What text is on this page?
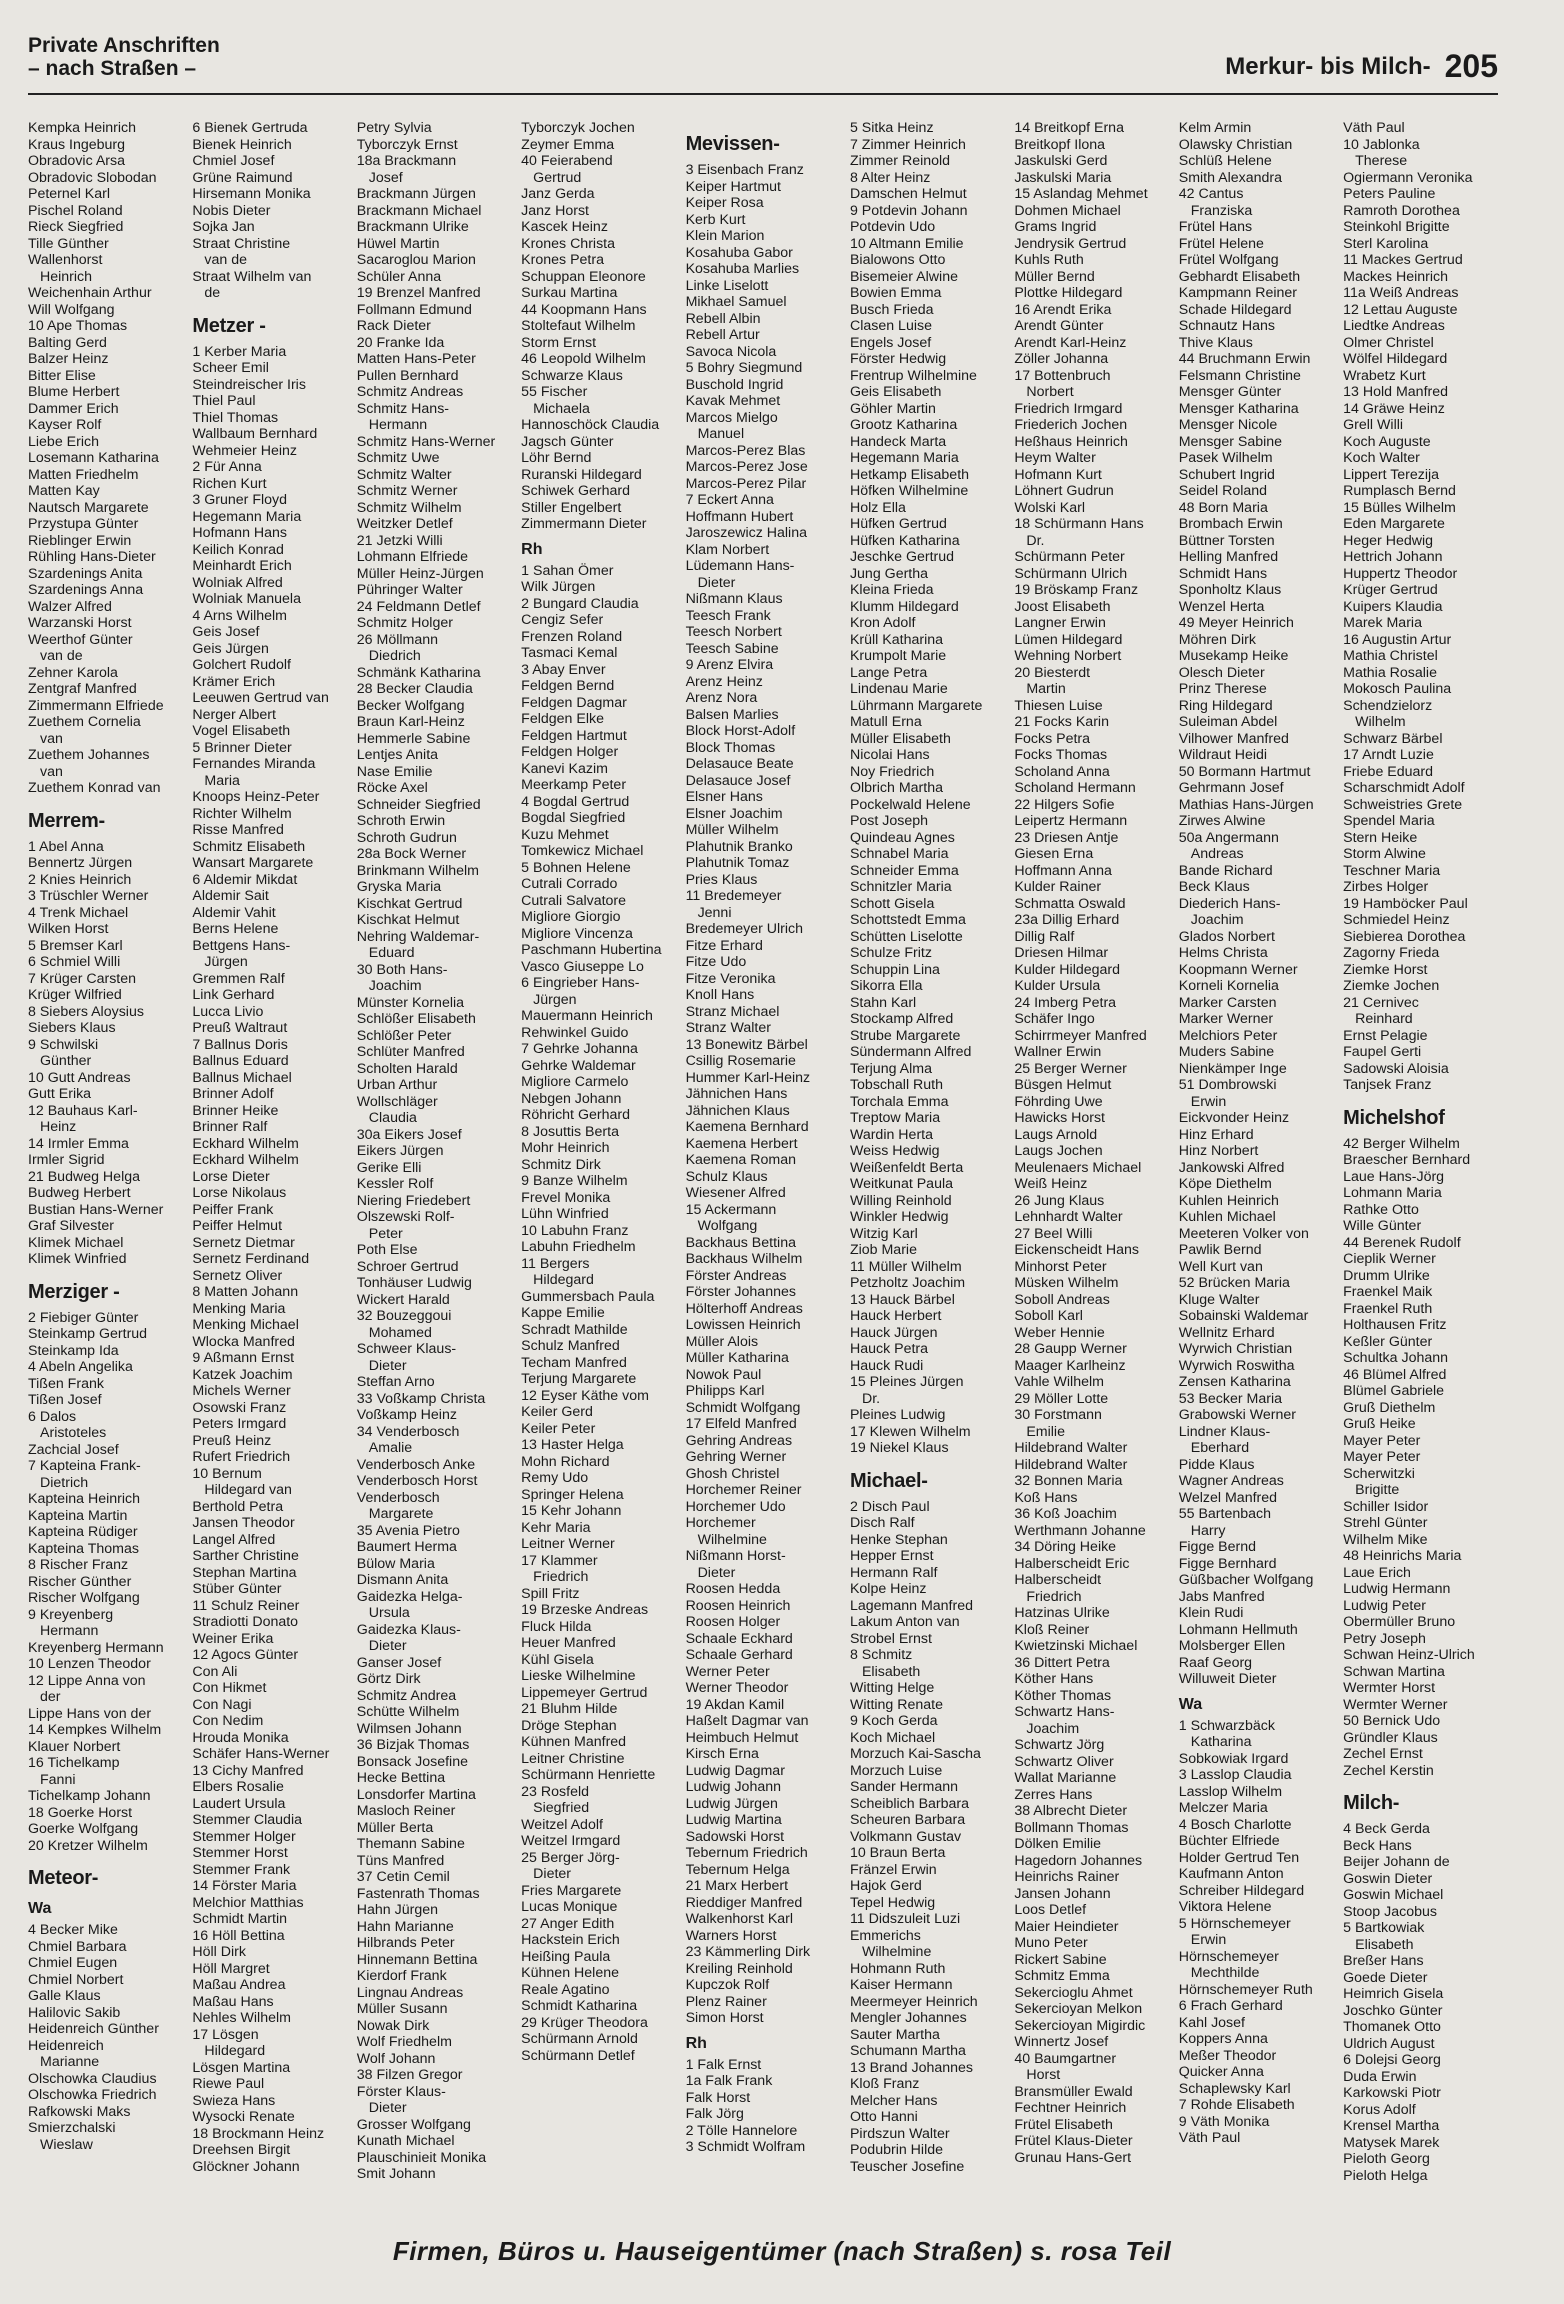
Private Anschriften
– nach Straßen –	Merkur- bis Milch- 205
Kempka Heinrich
Kraus Ingeburg
Obradovic Arsa
Obradovic Slobodan
Peternel Karl
Pischel Roland
Rieck Siegfried
Tille Günther
Wallenhorst
Heinrich
Weichenhain Arthur
Will Wolfgang
10 Ape Thomas
Balting Gerd
Balzer Heinz
Bitter Elise
Blume Herbert
Dammer Erich
Kayser Rolf
Liebe Erich
Losemann Katharina
Matten Friedhelm
Matten Kay
Nautsch Margarete
Przystupa Günter
Rieblinger Erwin
Rühling Hans-Dieter
Szardenings Anita
Szardenings Anna
Walzer Alfred
Warzanski Horst
Weerthof Günter
van de
Zehner Karola
Zentgraf Manfred
Zimmermann Elfriede
Zuethem Cornelia
van
Zuethem Johannes
van
Zuethem Konrad van
Merrem-
1 Abel Anna
Bennertz Jürgen
2 Knies Heinrich
3 Trüschler Werner
4 Trenk Michael
Wilken Horst
5 Bremser Karl
6 Schmiel Willi
7 Krüger Carsten
Krüger Wilfried
8 Siebers Aloysius
Siebers Klaus
9 Schwilski
Günther
10 Gutt Andreas
Gutt Erika
12 Bauhaus Karl-
Heinz
14 Irmler Emma
Irmler Sigrid
21 Budweg Helga
Budweg Herbert
Bustian Hans-Werner
Graf Silvester
Klimek Michael
Klimek Winfried
Merziger -
2 Fiebiger Günter
Steinkamp Gertrud
Steinkamp Ida
4 Abeln Angelika
Tißen Frank
Tißen Josef
6 Dalos
Aristoteles
Zachcial Josef
7 Kapteina Frank-
Dietrich
Kapteina Heinrich
Kapteina Martin
Kapteina Rüdiger
Kapteina Thomas
8 Rischer Franz
Rischer Günther
Rischer Wolfgang
9 Kreyenberg
Hermann
Kreyenberg Hermann
10 Lenzen Theodor
12 Lippe Anna von
der
Lippe Hans von der
14 Kempkes Wilhelm
Klauer Norbert
16 Tichelkamp
Fanni
Tichelkamp Johann
18 Goerke Horst
Goerke Wolfgang
20 Kretzer Wilhelm
Meteor-
Wa
4 Becker Mike
Chmiel Barbara
Chmiel Eugen
Chmiel Norbert
Galle Klaus
Halilovic Sakib
Heidenreich Günther
Heidenreich
Marianne
Olschowka Claudius
Olschowka Friedrich
Rafkowski Maks
Smierzchalski
Wieslaw
6 Bienek Gertruda
Bienek Heinrich
Chmiel Josef
Grüne Raimund
Hirsemann Monika
Nobis Dieter
Sojka Jan
Straat Christine
van de
Straat Wilhelm van
de
Metzer -
1 Kerber Maria
Scheer Emil
Steindreischer Iris
Thiel Paul
Thiel Thomas
Wallbaum Bernhard
Wehmeier Heinz
2 Für Anna
Richen Kurt
3 Gruner Floyd
Hegemann Maria
Hofmann Hans
Keilich Konrad
Meinhardt Erich
Wolniak Alfred
Wolniak Manuela
4 Arns Wilhelm
Geis Josef
Geis Jürgen
Golchert Rudolf
Krämer Erich
Leeuwen Gertrud van
Nerger Albert
Vogel Elisabeth
5 Brinner Dieter
Fernandes Miranda
Maria
Knoops Heinz-Peter
Richter Wilhelm
Risse Manfred
Schmitz Elisabeth
Wansart Margarete
6 Aldemir Mikdat
Aldemir Sait
Aldemir Vahit
Berns Helene
Bettgens Hans-
Jürgen
Gremmen Ralf
Link Gerhard
Lucca Livio
Preuß Waltraut
7 Ballnus Doris
Ballnus Eduard
Ballnus Michael
Brinner Adolf
Brinner Heike
Brinner Ralf
Eckhard Wilhelm
Eckhard Wilhelm
Lorse Dieter
Lorse Nikolaus
Peiffer Frank
Peiffer Helmut
Sernetz Dietmar
Sernetz Ferdinand
Sernetz Oliver
8 Matten Johann
Menking Maria
Menking Michael
Wlocka Manfred
9 Aßmann Ernst
Katzek Joachim
Michels Werner
Osowski Franz
Peters Irmgard
Preuß Heinz
Rufert Friedrich
10 Bernum
Hildegard van
Berthold Petra
Jansen Theodor
Langel Alfred
Sarther Christine
Stephan Martina
Stüber Günter
11 Schulz Reiner
Stradiotti Donato
Weiner Erika
12 Agocs Günter
Con Ali
Con Hikmet
Con Nagi
Con Nedim
Hrouda Monika
Schäfer Hans-Werner
13 Cichy Manfred
Elbers Rosalie
Laudert Ursula
Stemmer Claudia
Stemmer Holger
Stemmer Horst
Stemmer Frank
14 Förster Maria
Melchior Matthias
Schmidt Martin
16 Höll Bettina
Höll Dirk
Höll Margret
Maßau Andrea
Maßau Hans
Nehles Wilhelm
17 Lösgen
Hildegard
Lösgen Martina
Riewe Paul
Swieza Hans
Wysocki Renate
18 Brockmann Heinz
Dreehsen Birgit
Glöckner Johann
Petry Sylvia
Tyborczyk Ernst
18a Brackmann
Josef
Brackmann Jürgen
Brackmann Michael
Brackmann Ulrike
Hüwel Martin
Sacaroglou Marion
Schüler Anna
19 Brenzel Manfred
Follmann Edmund
Rack Dieter
20 Franke Ida
Matten Hans-Peter
Pullen Bernhard
Schmitz Andreas
Schmitz Hans-
Hermann
Schmitz Hans-Werner
Schmitz Uwe
Schmitz Walter
Schmitz Werner
Schmitz Wilhelm
Weitzker Detlef
21 Jetzki Willi
Lohmann Elfriede
Müller Heinz-Jürgen
Pühringer Walter
24 Feldmann Detlef
Schmitz Holger
26 Möllmann
Diedrich
Schmänk Katharina
28 Becker Claudia
Becker Wolfgang
Braun Karl-Heinz
Hemmerle Sabine
Lentjes Anita
Nase Emilie
Röcke Axel
Schneider Siegfried
Schroth Erwin
Schroth Gudrun
28a Bock Werner
Brinkmann Wilhelm
Gryska Maria
Kischkat Gertrud
Kischkat Helmut
Nehring Waldemar-
Eduard
30 Both Hans-
Joachim
Münster Kornelia
Schlößer Elisabeth
Schlößer Peter
Schlüter Manfred
Scholten Harald
Urban Arthur
Wollschläger
Claudia
30a Eikers Josef
Eikers Jürgen
Gerike Elli
Kessler Rolf
Niering Friedebert
Olszewski Rolf-
Peter
Poth Else
Schroer Gertrud
Tonhäuser Ludwig
Wickert Harald
32 Bouzeggoui
Mohamed
Schweer Klaus-
Dieter
Steffan Arno
33 Voßkamp Christa
Voßkamp Heinz
34 Venderbosch
Amalie
Venderbosch Anke
Venderbosch Horst
Venderbosch
Margarete
35 Avenia Pietro
Baumert Herma
Bülow Maria
Dismann Anita
Gaidezka Helga-
Ursula
Gaidezka Klaus-
Dieter
Ganser Josef
Görtz Dirk
Schmitz Andrea
Schütte Wilhelm
Wilmsen Johann
36 Bizjak Thomas
Bonsack Josefine
Hecke Bettina
Lonsdorfer Martina
Masloch Reiner
Müller Berta
Themann Sabine
Tüns Manfred
37 Cetin Cemil
Fastenrath Thomas
Hahn Jürgen
Hahn Marianne
Hilbrands Peter
Hinnemann Bettina
Kierdorf Frank
Lingnau Andreas
Müller Susann
Nowak Dirk
Wolf Friedhelm
Wolf Johann
38 Filzen Gregor
Förster Klaus-
Dieter
Grosser Wolfgang
Kunath Michael
Plauschinieit Monika
Smit Johann
Tyborczyk Jochen
Zeymer Emma
40 Feierabend
Gertrud
Janz Gerda
Janz Horst
Kascek Heinz
Krones Christa
Krones Petra
Schuppan Eleonore
Surkau Martina
44 Koopmann Hans
Stoltefaut Wilhelm
Storm Ernst
46 Leopold Wilhelm
Schwarze Klaus
55 Fischer
Michaela
Hannoschöck Claudia
Jagsch Günter
Löhr Bernd
Ruranski Hildegard
Schiwek Gerhard
Stiller Engelbert
Zimmermann Dieter
Rh
1 Sahan Ömer
Wilk Jürgen
2 Bungard Claudia
Cengiz Sefer
Frenzen Roland
Tasmaci Kemal
3 Abay Enver
Feldgen Bernd
Feldgen Dagmar
Feldgen Elke
Feldgen Hartmut
Feldgen Holger
Kanevi Kazim
Meerkamp Peter
4 Bogdal Gertrud
Bogdal Siegfried
Kuzu Mehmet
Tomkewicz Michael
5 Bohnen Helene
Cutrali Corrado
Cutrali Salvatore
Migliore Giorgio
Migliore Vincenza
Paschmann Hubertina
Vasco Giuseppe Lo
6 Eingrieber Hans-
Jürgen
Mauermann Heinrich
Rehwinkel Guido
7 Gehrke Johanna
Gehrke Waldemar
Migliore Carmelo
Nebgen Johann
Röhricht Gerhard
8 Josuttis Berta
Mohr Heinrich
Schmitz Dirk
9 Banze Wilhelm
Frevel Monika
Lühn Winfried
10 Labuhn Franz
Labuhn Friedhelm
11 Bergers
Hildegard
Gummersbach Paula
Kappe Emilie
Schradt Mathilde
Schulz Manfred
Techam Manfred
Terjung Margarete
12 Eyser Käthe vom
Keiler Gerd
Keiler Peter
13 Haster Helga
Mohn Richard
Remy Udo
Springer Helena
15 Kehr Johann
Kehr Maria
Leitner Werner
17 Klammer
Friedrich
Spill Fritz
19 Brzeske Andreas
Fluck Hilda
Heuer Manfred
Kühl Gisela
Lieske Wilhelmine
Lippemeyer Gertrud
21 Bluhm Hilde
Dröge Stephan
Kühnen Manfred
Leitner Christine
Schürmann Henriette
23 Rosfeld
Siegfried
Weitzel Adolf
Weitzel Irmgard
25 Berger Jörg-
Dieter
Fries Margarete
Lucas Monique
27 Anger Edith
Hackstein Erich
Heißing Paula
Kühnen Helene
Reale Agatino
Schmidt Katharina
29 Krüger Theodora
Schürmann Arnold
Schürmann Detlef
Mevissen-
3 Eisenbach Franz
Keiper Hartmut
Keiper Rosa
Kerb Kurt
Klein Marion
Kosahuba Gabor
Kosahuba Marlies
Linke Liselott
Mikhael Samuel
Rebell Albin
Rebell Artur
Savoca Nicola
5 Bohry Siegmund
Buschold Ingrid
Kavak Mehmet
Marcos Mielgo
Manuel
Marcos-Perez Blas
Marcos-Perez Jose
Marcos-Perez Pilar
7 Eckert Anna
Hoffmann Hubert
Jaroszewicz Halina
Klam Norbert
Lüdemann Hans-
Dieter
Nißmann Klaus
Teesch Frank
Teesch Norbert
Teesch Sabine
9 Arenz Elvira
Arenz Heinz
Arenz Nora
Balsen Marlies
Block Horst-Adolf
Block Thomas
Delasauce Beate
Delasauce Josef
Elsner Hans
Elsner Joachim
Müller Wilhelm
Plahutnik Branko
Plahutnik Tomaz
Pries Klaus
11 Bredemeyer
Jenni
Bredemeyer Ulrich
Fitze Erhard
Fitze Udo
Fitze Veronika
Knoll Hans
Stranz Michael
Stranz Walter
13 Bonewitz Bärbel
Csillig Rosemarie
Hummer Karl-Heinz
Jähnichen Hans
Jähnichen Klaus
Kaemena Bernhard
Kaemena Herbert
Kaemena Roman
Schulz Klaus
Wiesener Alfred
15 Ackermann
Wolfgang
Backhaus Bettina
Backhaus Wilhelm
Förster Andreas
Förster Johannes
Hölterhoff Andreas
Lowissen Heinrich
Müller Alois
Müller Katharina
Nowok Paul
Philipps Karl
Schmidt Wolfgang
17 Elfeld Manfred
Gehring Andreas
Gehring Werner
Ghosh Christel
Horchemer Reiner
Horchemer Udo
Horchemer
Wilhelmine
Nißmann Horst-
Dieter
Roosen Hedda
Roosen Heinrich
Roosen Holger
Schaale Eckhard
Schaale Gerhard
Werner Peter
Werner Theodor
19 Akdan Kamil
Haßelt Dagmar van
Heimbuch Helmut
Kirsch Erna
Ludwig Dagmar
Ludwig Johann
Ludwig Jürgen
Ludwig Martina
Sadowski Horst
Tebernum Friedrich
Tebernum Helga
21 Marx Herbert
Rieddiger Manfred
Walkenhorst Karl
Warners Horst
23 Kämmerling Dirk
Kreiling Reinhold
Kupczok Rolf
Plenz Rainer
Simon Horst
Rh
1 Falk Ernst
1a Falk Frank
Falk Horst
Falk Jörg
2 Tölle Hannelore
3 Schmidt Wolfram
5 Sitka Heinz
7 Zimmer Heinrich
Zimmer Reinold
8 Alter Heinz
Damschen Helmut
9 Potdevin Johann
Potdevin Udo
10 Altmann Emilie
Bialowons Otto
Bisemeier Alwine
Bowien Emma
Busch Frieda
Clasen Luise
Engels Josef
Förster Hedwig
Frentrup Wilhelmine
Geis Elisabeth
Göhler Martin
Grootz Katharina
Handeck Marta
Hegemann Maria
Hetkamp Elisabeth
Höfken Wilhelmine
Holz Ella
Hüfken Gertrud
Hüfken Katharina
Jeschke Gertrud
Jung Gertha
Kleina Frieda
Klumm Hildegard
Kron Adolf
Krüll Katharina
Krumpolt Marie
Lange Petra
Lindenau Marie
Lührmann Margarete
Matull Erna
Müller Elisabeth
Nicolai Hans
Noy Friedrich
Olbrich Martha
Pockelwald Helene
Post Joseph
Quindeau Agnes
Schnabel Maria
Schneider Emma
Schnitzler Maria
Schott Gisela
Schottstedt Emma
Schütten Liselotte
Schulze Fritz
Schuppin Lina
Sikorra Ella
Stahn Karl
Stockamp Alfred
Strube Margarete
Sündermann Alfred
Terjung Alma
Tobschall Ruth
Torchala Emma
Treptow Maria
Wardin Herta
Weiss Hedwig
Weißenfeldt Berta
Weitkunat Paula
Willing Reinhold
Winkler Hedwig
Witzig Karl
Ziob Marie
11 Müller Wilhelm
Petzholtz Joachim
13 Hauck Bärbel
Hauck Herbert
Hauck Jürgen
Hauck Petra
Hauck Rudi
15 Pleines Jürgen
Dr.
Pleines Ludwig
17 Klewen Wilhelm
19 Niekel Klaus
Michael-
2 Disch Paul
Disch Ralf
Henke Stephan
Hepper Ernst
Hermann Ralf
Kolpe Heinz
Lagemann Manfred
Lakum Anton van
Strobel Ernst
8 Schmitz
Elisabeth
Witting Helge
Witting Renate
9 Koch Gerda
Koch Michael
Morzuch Kai-Sascha
Morzuch Luise
Sander Hermann
Scheiblich Barbara
Scheuren Barbara
Volkmann Gustav
10 Braun Berta
Fränzel Erwin
Hajok Gerd
Tepel Hedwig
11 Didszuleit Luzi
Emmerichs
Wilhelmine
Hohmann Ruth
Kaiser Hermann
Meermeyer Heinrich
Mengler Johannes
Sauter Martha
Schumann Martha
13 Brand Johannes
Kloß Franz
Melcher Hans
Otto Hanni
Pirdszun Walter
Podubrin Hilde
Teuscher Josefine
14 Breitkopf Erna
Breitkopf Ilona
Jaskulski Gerd
Jaskulski Maria
15 Aslandag Mehmet
Dohmen Michael
Grams Ingrid
Jendrysik Gertrud
Kuhls Ruth
Müller Bernd
Plottke Hildegard
16 Arendt Erika
Arendt Günter
Arendt Karl-Heinz
Zöller Johanna
17 Bottenbruch
Norbert
Friedrich Irmgard
Friederich Jochen
Heßhaus Heinrich
Heym Walter
Hofmann Kurt
Löhnert Gudrun
Wolski Karl
18 Schürmann Hans
Dr.
Schürmann Peter
Schürmann Ulrich
19 Bröskamp Franz
Joost Elisabeth
Langner Erwin
Lümen Hildegard
Wehning Norbert
20 Biesterdt
Martin
Thiesen Luise
21 Focks Karin
Focks Petra
Focks Thomas
Scholand Anna
Scholand Hermann
22 Hilgers Sofie
Leipertz Hermann
23 Driesen Antje
Giesen Erna
Hoffmann Anna
Kulder Rainer
Schmatta Oswald
23a Dillig Erhard
Dillig Ralf
Driesen Hilmar
Kulder Hildegard
Kulder Ursula
24 Imberg Petra
Schäfer Ingo
Schirrmeyer Manfred
Wallner Erwin
25 Berger Werner
Büsgen Helmut
Föhrding Uwe
Hawicks Horst
Laugs Arnold
Laugs Jochen
Meulenaers Michael
Weiß Heinz
26 Jung Klaus
Lehnhardt Walter
27 Beel Willi
Eickenscheidt Hans
Minhorst Peter
Müsken Wilhelm
Soboll Andreas
Soboll Karl
Weber Hennie
28 Gaupp Werner
Maager Karlheinz
Vahle Wilhelm
29 Möller Lotte
30 Forstmann
Emilie
Hildebrand Walter
Hildebrand Walter
32 Bonnen Maria
Koß Hans
36 Koß Joachim
Werthmann Johanne
34 Döring Heike
Halberscheidt Eric
Halberscheidt
Friedrich
Hatzinas Ulrike
Kloß Reiner
Kwietzinski Michael
36 Dittert Petra
Köther Hans
Köther Thomas
Schwartz Hans-
Joachim
Schwartz Jörg
Schwartz Oliver
Wallat Marianne
Zerres Hans
38 Albrecht Dieter
Bollmann Thomas
Dölken Emilie
Hagedorn Johannes
Heinrichs Rainer
Jansen Johann
Loos Detlef
Maier Heindieter
Muno Peter
Rickert Sabine
Schmitz Emma
Sekercioglu Ahmet
Sekercioyan Melkon
Sekercioyan Migirdic
Winnertz Josef
40 Baumgartner
Horst
Bransmüller Ewald
Fechtner Heinrich
Frütel Elisabeth
Frütel Klaus-Dieter
Grunau Hans-Gert
Kelm Armin
Olawsky Christian
Schlüß Helene
Smith Alexandra
42 Cantus
Franziska
Frütel Hans
Frütel Helene
Frütel Wolfgang
Gebhardt Elisabeth
Kampmann Reiner
Schade Hildegard
Schnautz Hans
Thive Klaus
44 Bruchmann Erwin
Felsmann Christine
Mensger Günter
Mensger Katharina
Mensger Nicole
Mensger Sabine
Pasek Wilhelm
Schubert Ingrid
Seidel Roland
48 Born Maria
Brombach Erwin
Büttner Torsten
Helling Manfred
Schmidt Hans
Sponholtz Klaus
Wenzel Herta
49 Meyer Heinrich
Möhren Dirk
Musekamp Heike
Olesch Dieter
Prinz Therese
Ring Hildegard
Suleiman Abdel
Vilhower Manfred
Wildraut Heidi
50 Bormann Hartmut
Gehrmann Josef
Mathias Hans-Jürgen
Zirwes Alwine
50a Angermann
Andreas
Bande Richard
Beck Klaus
Diederich Hans-
Joachim
Glados Norbert
Helms Christa
Koopmann Werner
Korneli Kornelia
Marker Carsten
Marker Werner
Melchiors Peter
Muders Sabine
Nienkämper Inge
51 Dombrowski
Erwin
Eickvonder Heinz
Hinz Erhard
Hinz Norbert
Jankowski Alfred
Köpe Diethelm
Kuhlen Heinrich
Kuhlen Michael
Meeteren Volker von
Pawlik Bernd
Well Kurt van
52 Brücken Maria
Kluge Walter
Sobainski Waldemar
Wellnitz Erhard
Wyrwich Christian
Wyrwich Roswitha
Zensen Katharina
53 Becker Maria
Grabowski Werner
Lindner Klaus-
Eberhard
Pidde Klaus
Wagner Andreas
Welzel Manfred
55 Bartenbach
Harry
Figge Bernd
Figge Bernhard
Güßbacher Wolfgang
Jabs Manfred
Klein Rudi
Lohmann Hellmuth
Molsberger Ellen
Raaf Georg
Willuweit Dieter
Wa
1 Schwarzbäck
Katharina
Sobkowiak Irgard
3 Lasslop Claudia
Lasslop Wilhelm
Melczer Maria
4 Bosch Charlotte
Büchter Elfriede
Holder Gertrud Ten
Kaufmann Anton
Schreiber Hildegard
Viktora Helene
5 Hörnschemeyer
Erwin
Hörnschemeyer
Mechthilde
Hörnschemeyer Ruth
6 Frach Gerhard
Kahl Josef
Koppers Anna
Meßer Theodor
Quicker Anna
Schaplewsky Karl
7 Rohde Elisabeth
9 Väth Monika
Väth Paul
Väth Paul
10 Jablonka
Therese
Ogiermann Veronika
Peters Pauline
Ramroth Dorothea
Steinkohl Brigitte
Sterl Karolina
11 Mackes Gertrud
Mackes Heinrich
11a Weiß Andreas
12 Lettau Auguste
Liedtke Andreas
Olmer Christel
Wölfel Hildegard
Wrabetz Kurt
13 Hold Manfred
14 Gräwe Heinz
Grell Willi
Koch Auguste
Koch Walter
Lippert Terezija
Rumplasch Bernd
15 Bülles Wilhelm
Eden Margarete
Heger Hedwig
Hettrich Johann
Huppertz Theodor
Krüger Gertrud
Kuipers Klaudia
Marek Maria
16 Augustin Artur
Mathia Christel
Mathia Rosalie
Mokosch Paulina
Schendzielorz
Wilhelm
Schwarz Bärbel
17 Arndt Luzie
Friebe Eduard
Scharschmidt Adolf
Schweistries Grete
Spendel Maria
Stern Heike
Storm Alwine
Teschner Maria
Zirbes Holger
19 Hamböcker Paul
Schmiedel Heinz
Siebierea Dorothea
Zagorny Frieda
Ziemke Horst
Ziemke Jochen
21 Cernivec
Reinhard
Ernst Pelagie
Faupel Gerti
Sadowski Aloisia
Tanjsek Franz
Michelshof
42 Berger Wilhelm
Braescher Bernhard
Laue Hans-Jörg
Lohmann Maria
Rathke Otto
Wille Günter
44 Berenek Rudolf
Cieplik Werner
Drumm Ulrike
Fraenkel Maik
Fraenkel Ruth
Holthausen Fritz
Keßler Günter
Schultka Johann
46 Blümel Alfred
Blümel Gabriele
Gruß Diethelm
Gruß Heike
Mayer Peter
Mayer Peter
Scherwitzki
Brigitte
Schiller Isidor
Strehl Günter
Wilhelm Mike
48 Heinrichs Maria
Laue Erich
Ludwig Hermann
Ludwig Peter
Obermüller Bruno
Petry Joseph
Schwan Heinz-Ulrich
Schwan Martina
Wermter Horst
Wermter Werner
50 Bernick Udo
Gründler Klaus
Zechel Ernst
Zechel Kerstin
Milch-
4 Beck Gerda
Beck Hans
Beijer Johann de
Goswin Dieter
Goswin Michael
Stoop Jacobus
5 Bartkowiak
Elisabeth
Breßer Hans
Goede Dieter
Heimrich Gisela
Joschko Günter
Thomanek Otto
Uldrich August
6 Dolejsi Georg
Duda Erwin
Karkowski Piotr
Korus Adolf
Krensel Martha
Matysek Marek
Pieloth Georg
Pieloth Helga
Firmen, Büros u. Hauseigentümer (nach Straßen) s. rosa Teil
